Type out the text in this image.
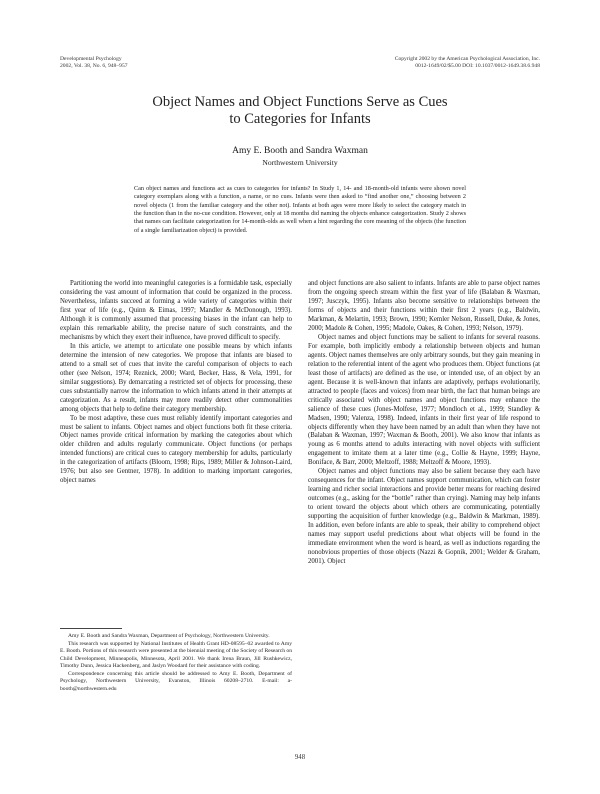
Developmental Psychology
2002, Vol. 38, No. 6, 948–957
Copyright 2002 by the American Psychological Association, Inc.
0012-1649/02/$5.00 DOI: 10.1037/0012-1649.38.6.948
Object Names and Object Functions Serve as Cues
to Categories for Infants
Amy E. Booth and Sandra Waxman
Northwestern University
Can object names and functions act as cues to categories for infants? In Study 1, 14- and 18-month-old infants were shown novel category exemplars along with a function, a name, or no cues. Infants were then asked to “find another one,” choosing between 2 novel objects (1 from the familiar category and the other not). Infants at both ages were more likely to select the category match in the function than in the no-cue condition. However, only at 18 months did naming the objects enhance categorization. Study 2 shows that names can facilitate categorization for 14-month-olds as well when a hint regarding the core meaning of the objects (the function of a single familiarization object) is provided.

Partitioning the world into meaningful categories is a formidable task, especially considering the vast amount of information that could be organized in the process. Nevertheless, infants succeed at forming a wide variety of categories within their first year of life (e.g., Quinn & Eimas, 1997; Mandler & McDonough, 1993). Although it is commonly assumed that processing biases in the infant can help to explain this remarkable ability, the precise nature of such constraints, and the mechanisms by which they exert their influence, have proved difficult to specify.

In this article, we attempt to articulate one possible means by which infants determine the intension of new categories. We propose that infants are biased to attend to a small set of cues that invite the careful comparison of objects to each other (see Nelson, 1974; Reznick, 2000; Ward, Becker, Hass, & Vela, 1991, for similar suggestions). By demarcating a restricted set of objects for processing, these cues substantially narrow the information to which infants attend in their attempts at categorization. As a result, infants may more readily detect other commonalities among objects that help to define their category membership.

To be most adaptive, these cues must reliably identify important categories and must be salient to infants. Object names and object functions both fit these criteria. Object names provide critical information by marking the categories about which older children and adults regularly communicate. Object functions (or perhaps intended functions) are critical cues to category membership for adults, particularly in the categorization of artifacts (Bloom, 1998; Rips, 1989; Miller & Johnson-Laird, 1976; but also see Gentner, 1978). In addition to marking important categories, object names

and object functions are also salient to infants. Infants are able to parse object names from the ongoing speech stream within the first year of life (Balaban & Waxman, 1997; Jusczyk, 1995). Infants also become sensitive to relationships between the forms of objects and their functions within their first 2 years (e.g., Baldwin, Markman, & Melartin, 1993; Brown, 1990; Kemler Nelson, Russell, Duke, & Jones, 2000; Madole & Cohen, 1995; Madole, Oakes, & Cohen, 1993; Nelson, 1979).

Object names and object functions may be salient to infants for several reasons. For example, both implicitly embody a relationship between objects and human agents. Object names themselves are only arbitrary sounds, but they gain meaning in relation to the referential intent of the agent who produces them. Object functions (at least those of artifacts) are defined as the use, or intended use, of an object by an agent. Because it is well-known that infants are adaptively, perhaps evolutionarily, attracted to people (faces and voices) from near birth, the fact that human beings are critically associated with object names and object functions may enhance the salience of these cues (Jones-Molfese, 1977; Mondloch et al., 1999; Standley & Madsen, 1990; Valenza, 1998). Indeed, infants in their first year of life respond to objects differently when they have been named by an adult than when they have not (Balaban & Waxman, 1997; Waxman & Booth, 2001). We also know that infants as young as 6 months attend to adults interacting with novel objects with sufficient engagement to imitate them at a later time (e.g., Collie & Hayne, 1999; Hayne, Boniface, & Barr, 2000; Meltzoff, 1988; Meltzoff & Moore, 1993).

Object names and object functions may also be salient because they each have consequences for the infant. Object names support communication, which can foster learning and richer social interactions and provide better means for reaching desired outcomes (e.g., asking for the “bottle” rather than crying). Naming may help infants to orient toward the objects about which others are communicating, potentially supporting the acquisition of further knowledge (e.g., Baldwin & Markman, 1989). In addition, even before infants are able to speak, their ability to comprehend object names may support useful predictions about what objects will be found in the immediate environment when the word is heard, as well as inductions regarding the nonobvious properties of those objects (Nazzi & Gopnik, 2001; Welder & Graham, 2001). Object

Amy E. Booth and Sandra Waxman, Department of Psychology, Northwestern University.

This research was supported by National Institutes of Health Grant HD-08595–02 awarded to Amy E. Booth. Portions of this research were presented at the biennial meeting of the Society of Research on Child Development, Minneapolis, Minnesota, April 2001. We thank Irena Braun, Jill Rushkewicz, Timothy Dunn, Jessica Hackenberg, and Jaslyn Woodard for their assistance with coding.

Correspondence concerning this article should be addressed to Amy E. Booth, Department of Psychology, Northwestern University, Evanston, Illinois 60208–2710. E-mail: a-booth@northwestern.edu

948
